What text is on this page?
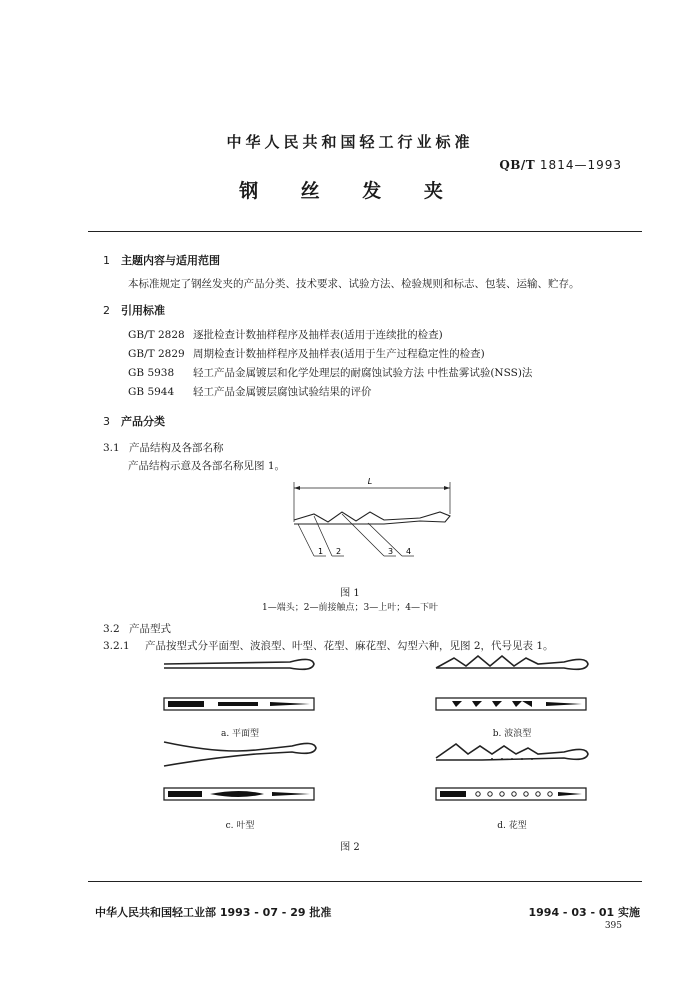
中华人民共和国轻工行业标准
QB/T 1814—1993
钢 丝 发 夹
1 主题内容与适用范围
本标准规定了钢丝发夹的产品分类、技术要求、试验方法、检验规则和标志、包装、运输、贮存。
2 引用标准
GB/T 2828 逐批检查计数抽样程序及抽样表(适用于连续批的检查)
GB/T 2829 周期检查计数抽样程序及抽样表(适用于生产过程稳定性的检查)
GB 5938 轻工产品金属镀层和化学处理层的耐腐蚀试验方法 中性盐雾试验(NSS)法
GB 5944 轻工产品金属镀层腐蚀试验结果的评价
3 产品分类
3.1 产品结构及各部名称
产品结构示意及各部名称见图 1。
L
1 2	3 4
图 1
1—端头；2—前接触点；3—上叶；4—下叶
3.2 产品型式
3.2.1 产品按型式分平面型、波浪型、叶型、花型、麻花型、勾型六种，见图 2，代号见表 1。
a. 平面型	b. 波浪型
c. 叶型	d. 花型
图 2
中华人民共和国轻工业部 1993 - 07 - 29 批准	1994 - 03 - 01 实施
395
